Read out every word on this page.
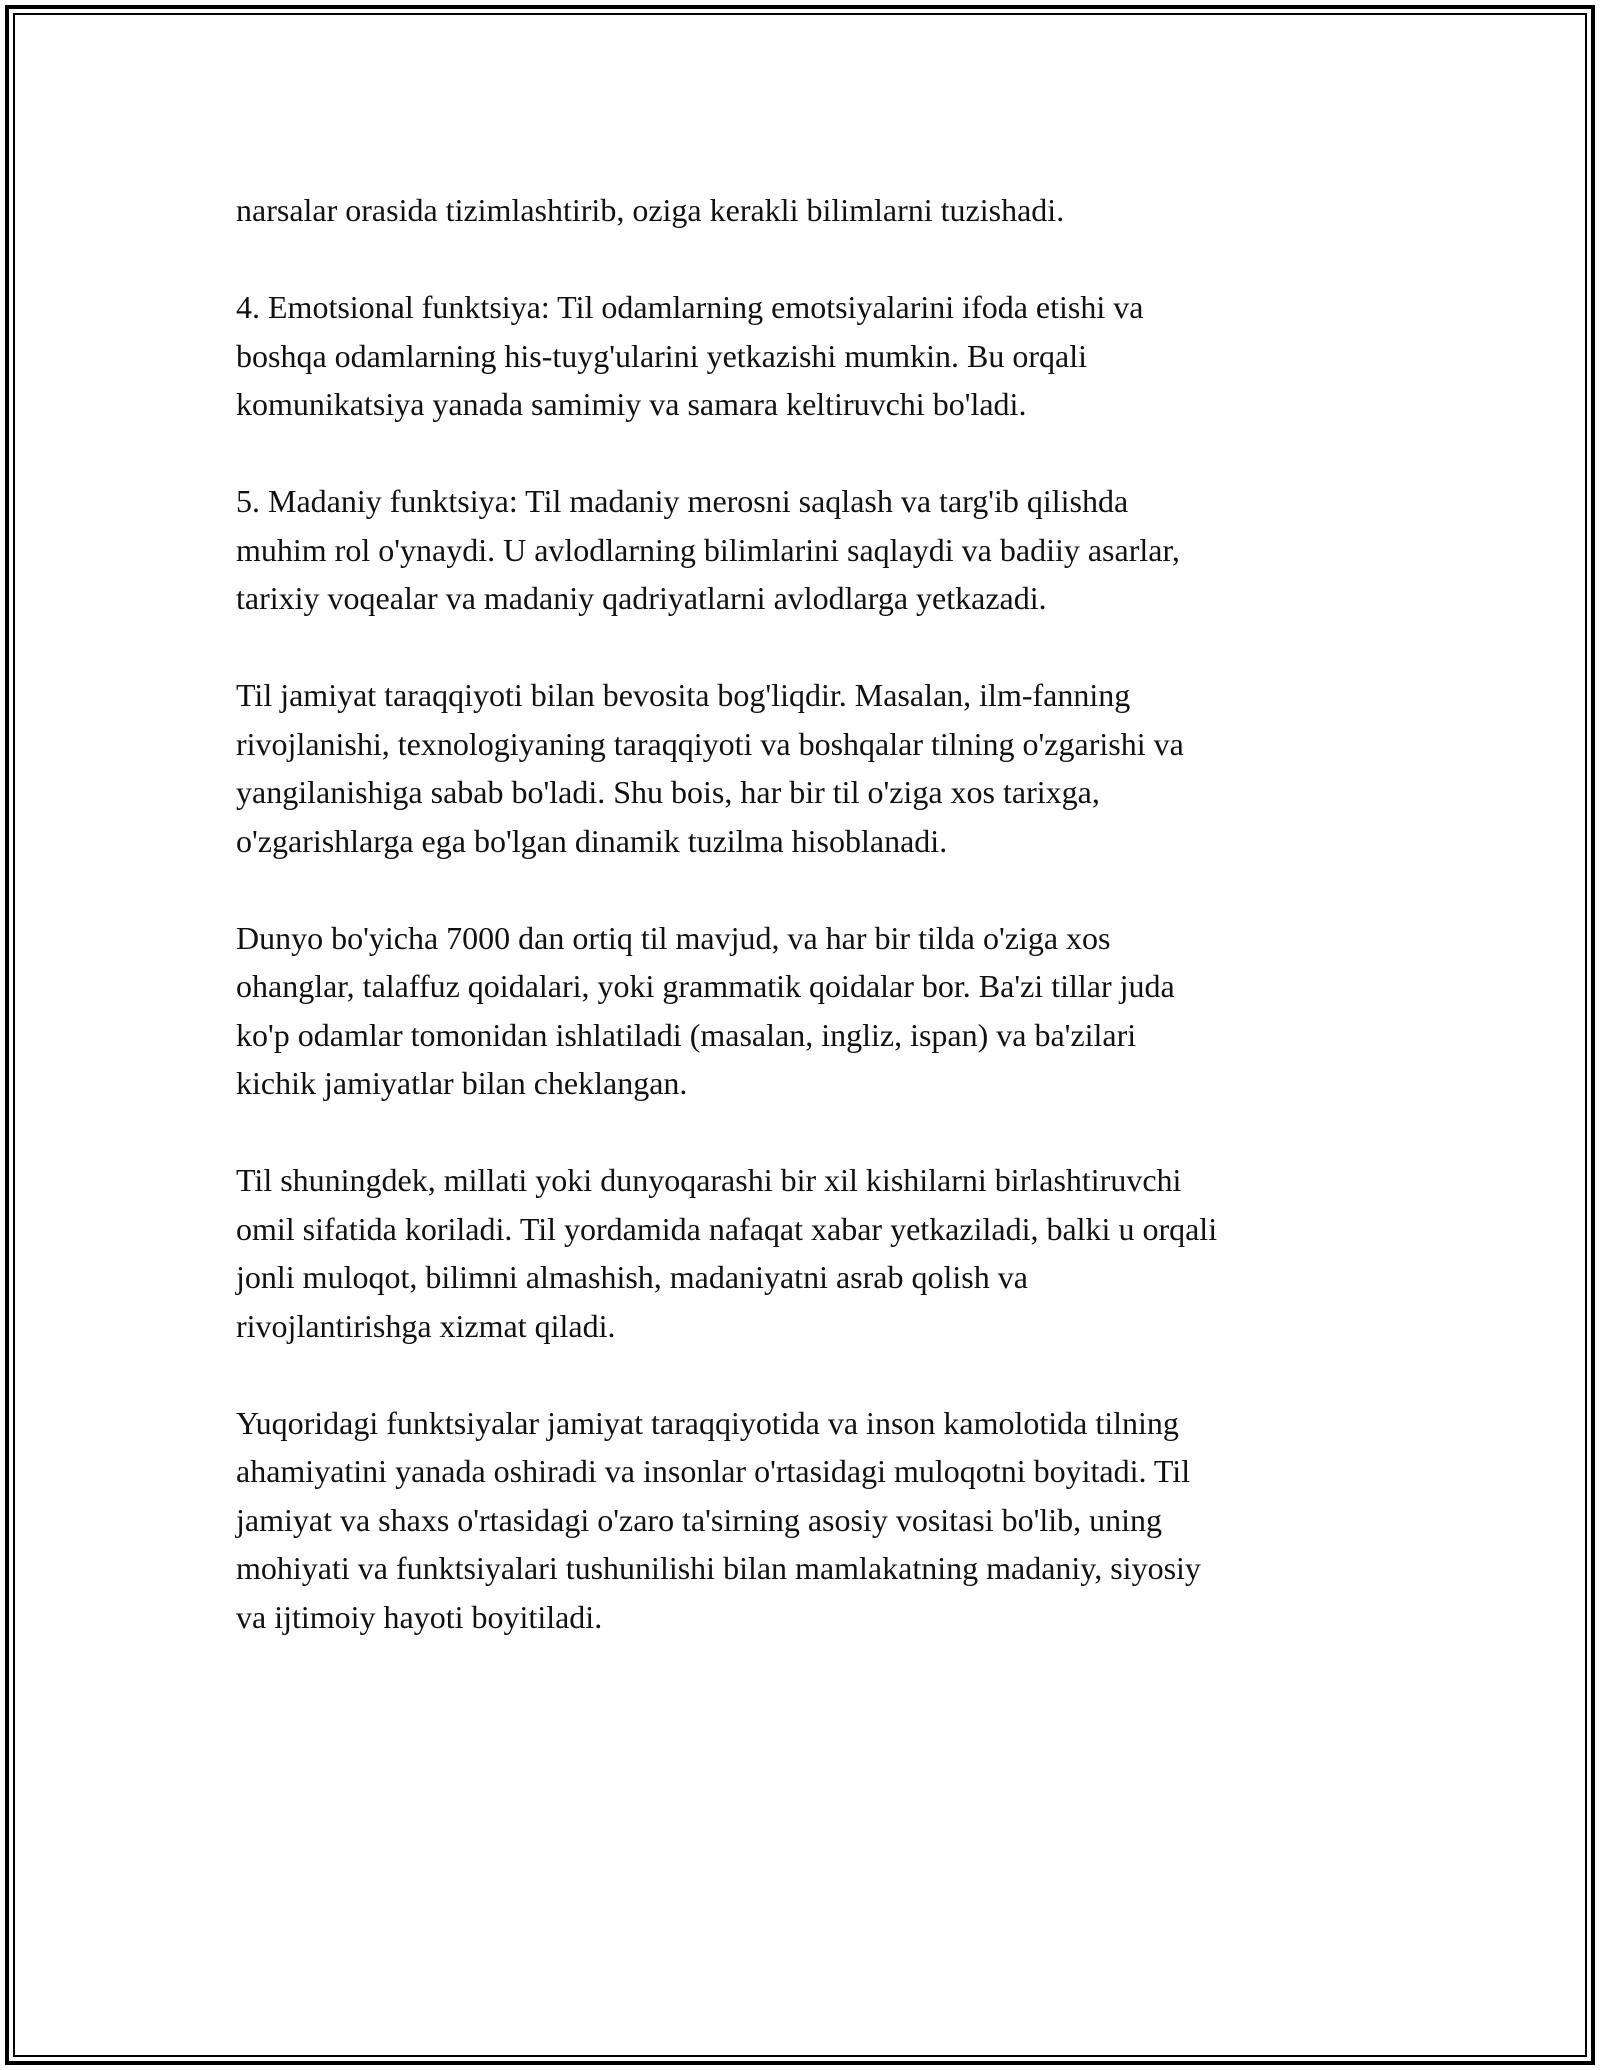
narsalar orasida tizimlashtirib, oziga kerakli bilimlarni tuzishadi.

4. Emotsional funktsiya: Til odamlarning emotsiyalarini ifoda etishi va
boshqa odamlarning his-tuyg'ularini yetkazishi mumkin. Bu orqali
komunikatsiya yanada samimiy va samara keltiruvchi bo'ladi.

5. Madaniy funktsiya: Til madaniy merosni saqlash va targ'ib qilishda
muhim rol o'ynaydi. U avlodlarning bilimlarini saqlaydi va badiiy asarlar,
tarixiy voqealar va madaniy qadriyatlarni avlodlarga yetkazadi.

Til jamiyat taraqqiyoti bilan bevosita bog'liqdir. Masalan, ilm-fanning
rivojlanishi, texnologiyaning taraqqiyoti va boshqalar tilning o'zgarishi va
yangilanishiga sabab bo'ladi. Shu bois, har bir til o'ziga xos tarixga,
o'zgarishlarga ega bo'lgan dinamik tuzilma hisoblanadi.

Dunyo bo'yicha 7000 dan ortiq til mavjud, va har bir tilda o'ziga xos
ohanglar, talaffuz qoidalari, yoki grammatik qoidalar bor. Ba'zi tillar juda
ko'p odamlar tomonidan ishlatiladi (masalan, ingliz, ispan) va ba'zilari
kichik jamiyatlar bilan cheklangan.

Til shuningdek, millati yoki dunyoqarashi bir xil kishilarni birlashtiruvchi
omil sifatida koriladi. Til yordamida nafaqat xabar yetkaziladi, balki u orqali
jonli muloqot, bilimni almashish, madaniyatni asrab qolish va
rivojlantirishga xizmat qiladi.

Yuqoridagi funktsiyalar jamiyat taraqqiyotida va inson kamolotida tilning
ahamiyatini yanada oshiradi va insonlar o'rtasidagi muloqotni boyitadi. Til
jamiyat va shaxs o'rtasidagi o'zaro ta'sirning asosiy vositasi bo'lib, uning
mohiyati va funktsiyalari tushunilishi bilan mamlakatning madaniy, siyosiy
va ijtimoiy hayoti boyitiladi.
